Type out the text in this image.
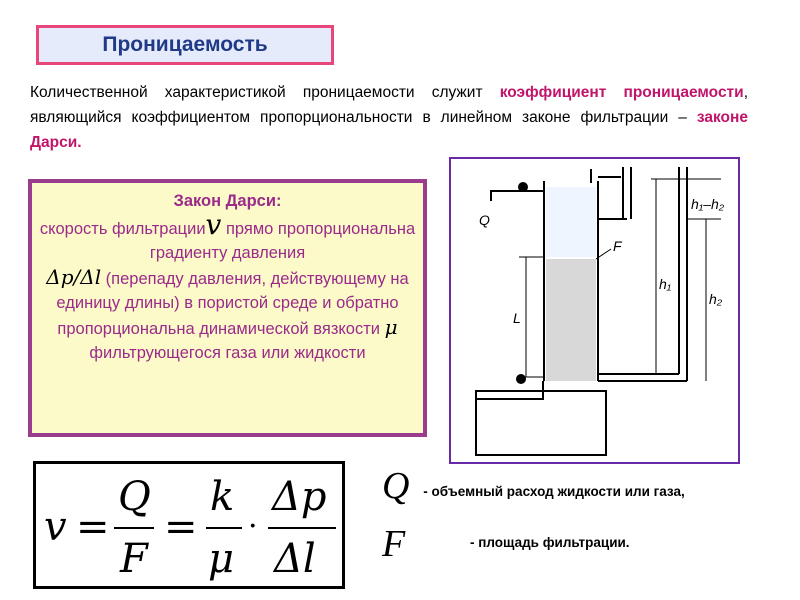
Проницаемость
Количественной характеристикой проницаемости служит коэффициент проницаемости, являющийся коэффициентом пропорциональности в линейном законе фильтрации – законе Дарси.
Закон Дарси:
скорость фильтрацииv прямо пропорциональна градиенту давления
Δp/Δl (перепаду давления, действующему на единицу длины) в пористой среде и обратно пропорциональна динамической вязкости μ фильтрующегося газа или жидкости
Q
F
L
h₁
h₂
h₁–h₂
v =
Q
F
=
k
μ
·
Δp
Δl
Q	- объемный расход жидкости или газа,
F	- площадь фильтрации.
